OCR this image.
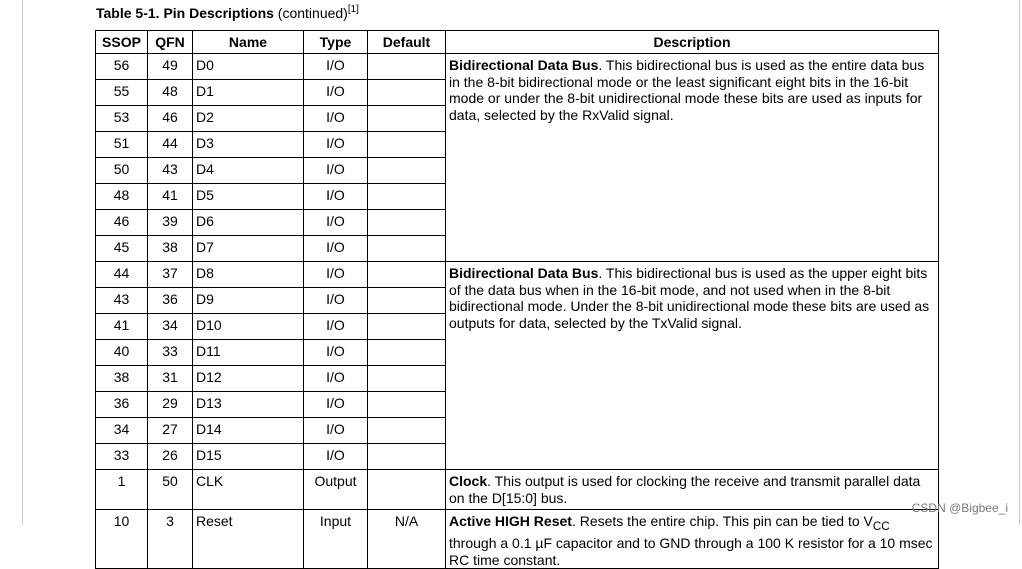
Table 5-1. Pin Descriptions (continued)[1]
SSOP	QFN	Name	Type	Default	Description
56	49	D0	I/O		Bidirectional Data Bus. This bidirectional bus is used as the entire data bus in the 8-bit bidirectional mode or the least significant eight bits in the 16-bit mode or under the 8-bit unidirectional mode these bits are used as inputs for data, selected by the RxValid signal.
55	48	D1	I/O		
53	46	D2	I/O		
51	44	D3	I/O		
50	43	D4	I/O		
48	41	D5	I/O		
46	39	D6	I/O		
45	38	D7	I/O		
44	37	D8	I/O		Bidirectional Data Bus. This bidirectional bus is used as the upper eight bits of the data bus when in the 16-bit mode, and not used when in the 8-bit bidirectional mode. Under the 8-bit unidirectional mode these bits are used as outputs for data, selected by the TxValid signal.
43	36	D9	I/O		
41	34	D10	I/O		
40	33	D11	I/O		
38	31	D12	I/O		
36	29	D13	I/O		
34	27	D14	I/O		
33	26	D15	I/O		
1	50	CLK	Output		Clock. This output is used for clocking the receive and transmit parallel data on the D[15:0] bus.
10	3	Reset	Input	N/A	Active HIGH Reset. Resets the entire chip. This pin can be tied to $V_{CC}$ through a 0.1 µF capacitor and to GND through a 100 K resistor for a 10 msec RC time constant.
CSDN @Bigbee_i
